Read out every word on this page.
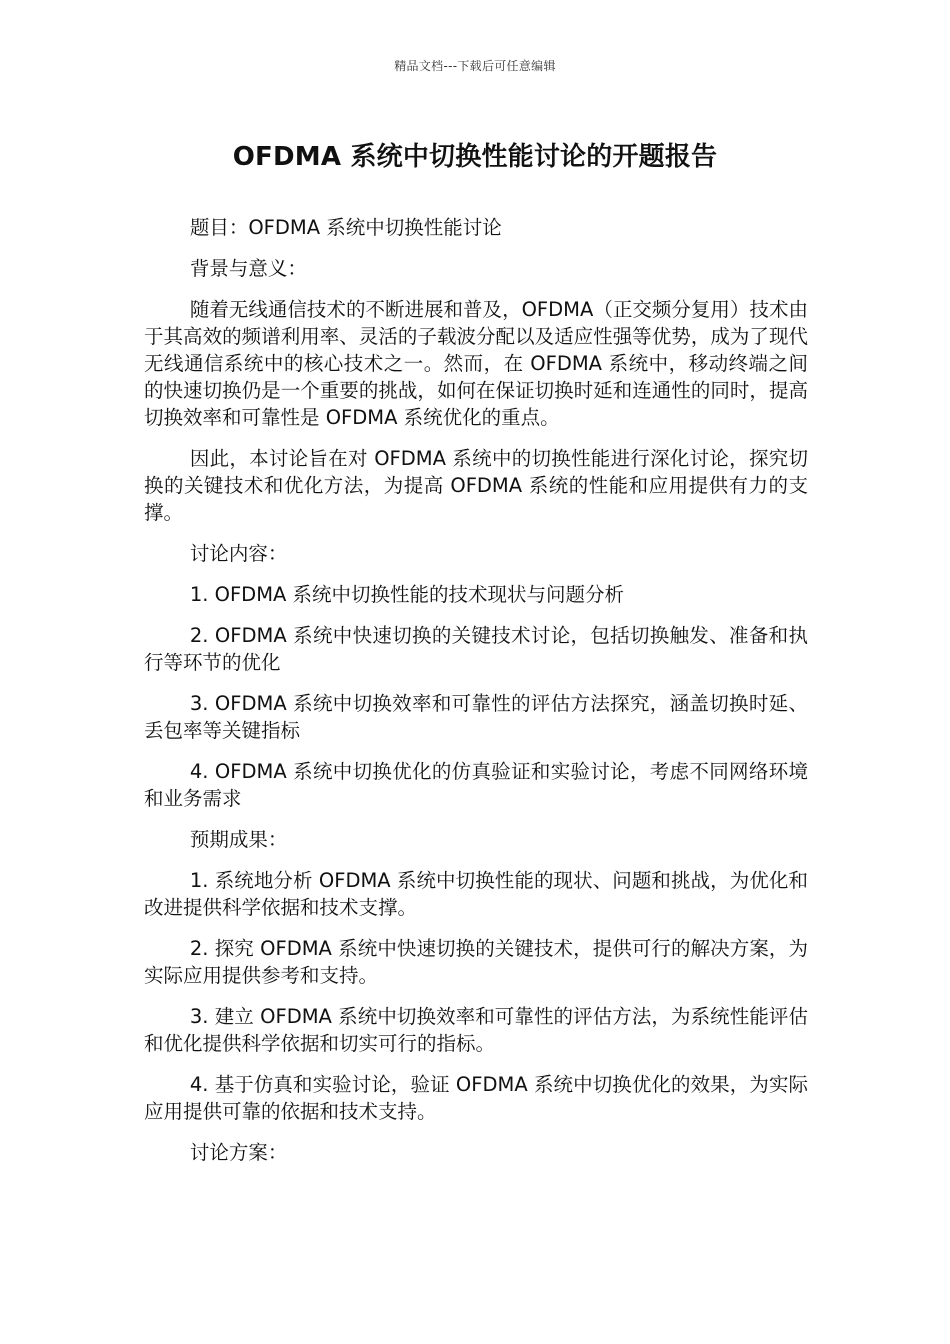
精品文档---下载后可任意编辑
OFDMA 系统中切换性能讨论的开题报告

题目：OFDMA 系统中切换性能讨论

背景与意义：

随着无线通信技术的不断进展和普及，OFDMA（正交频分复用）技术由于其高效的频谱利用率、灵活的子载波分配以及适应性强等优势，成为了现代无线通信系统中的核心技术之一。然而，在 OFDMA 系统中，移动终端之间的快速切换仍是一个重要的挑战，如何在保证切换时延和连通性的同时，提高切换效率和可靠性是 OFDMA 系统优化的重点。

因此，本讨论旨在对 OFDMA 系统中的切换性能进行深化讨论，探究切换的关键技术和优化方法，为提高 OFDMA 系统的性能和应用提供有力的支撑。

讨论内容：

1. OFDMA 系统中切换性能的技术现状与问题分析

2. OFDMA 系统中快速切换的关键技术讨论，包括切换触发、准备和执行等环节的优化

3. OFDMA 系统中切换效率和可靠性的评估方法探究，涵盖切换时延、丢包率等关键指标

4. OFDMA 系统中切换优化的仿真验证和实验讨论，考虑不同网络环境和业务需求

预期成果：

1. 系统地分析 OFDMA 系统中切换性能的现状、问题和挑战，为优化和改进提供科学依据和技术支撑。

2. 探究 OFDMA 系统中快速切换的关键技术，提供可行的解决方案，为实际应用提供参考和支持。

3. 建立 OFDMA 系统中切换效率和可靠性的评估方法，为系统性能评估和优化提供科学依据和切实可行的指标。

4. 基于仿真和实验讨论，验证 OFDMA 系统中切换优化的效果，为实际应用提供可靠的依据和技术支持。

讨论方案：
